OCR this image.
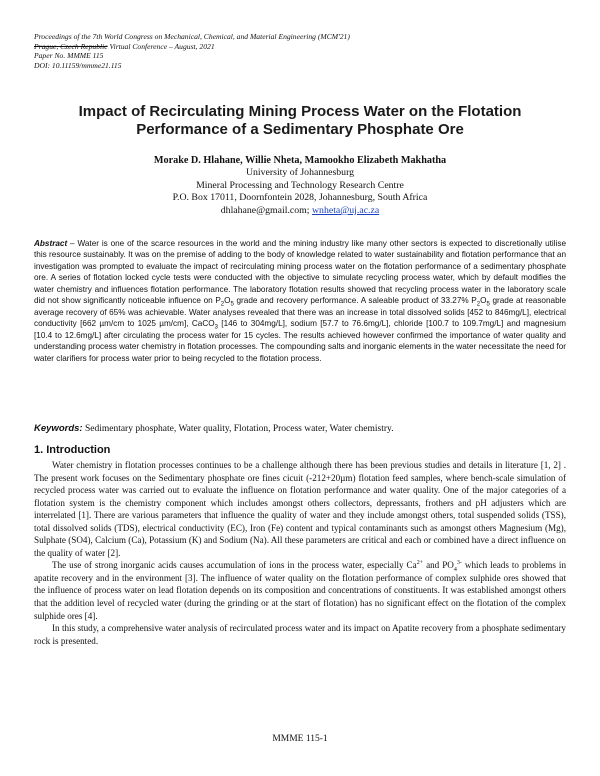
Proceedings of the 7th World Congress on Mechanical, Chemical, and Material Engineering (MCM'21)
Prague, Czech Republic Virtual Conference – August, 2021
Paper No. MMME 115
DOI: 10.11159/mmme21.115
Impact of Recirculating Mining Process Water on the Flotation
Performance of a Sedimentary Phosphate Ore
Morake D. Hlahane, Willie Nheta, Mamookho Elizabeth Makhatha
University of Johannesburg
Mineral Processing and Technology Research Centre
P.O. Box 17011, Doornfontein 2028, Johannesburg, South Africa
dhlahane@gmail.com; wnheta@uj.ac.za
Abstract – Water is one of the scarce resources in the world and the mining industry like many other sectors is expected to discretionally utilise this resource sustainably. It was on the premise of adding to the body of knowledge related to water sustainability and flotation performance that an investigation was prompted to evaluate the impact of recirculating mining process water on the flotation performance of a sedimentary phosphate ore. A series of flotation locked cycle tests were conducted with the objective to simulate recycling process water, which by default modifies the water chemistry and influences flotation performance. The laboratory flotation results showed that recycling process water in the laboratory scale did not show significantly noticeable influence on $P_2O_5$ grade and recovery performance. A saleable product of 33.27% $P_2O_5$ grade at reasonable average recovery of 65% was achievable. Water analyses revealed that there was an increase in total dissolved solids [452 to 846mg/L], electrical conductivity [662 µm/cm to 1025 µm/cm], CaCO$_3$ [146 to 304mg/L], sodium [57.7 to 76.6mg/L], chloride [100.7 to 109.7mg/L] and magnesium [10.4 to 12.6mg/L] after circulating the process water for 15 cycles. The results achieved however confirmed the importance of water quality and understanding process water chemistry in flotation processes. The compounding salts and inorganic elements in the water necessitate the need for water clarifiers for process water prior to being recycled to the flotation process.
Keywords: Sedimentary phosphate, Water quality, Flotation, Process water, Water chemistry.
1. Introduction

Water chemistry in flotation processes continues to be a challenge although there has been previous studies and details in literature [1, 2] . The present work focuses on the Sedimentary phosphate ore fines cicuit (-212+20µm) flotation feed samples, where bench-scale simulation of recycled process water was carried out to evaluate the influence on flotation performance and water quality. One of the major categories of a flotation system is the chemistry component which includes amongst others collectors, depressants, frothers and pH adjusters which are interrelated [1]. There are various parameters that influence the quality of water and they include amongst others, total suspended solids (TSS), total dissolved solids (TDS), electrical conductivity (EC), Iron (Fe) content and typical contaminants such as amongst others Magnesium (Mg), Sulphate (SO4), Calcium (Ca), Potassium (K) and Sodium (Na). All these parameters are critical and each or combined have a direct influence on the quality of water [2].

The use of strong inorganic acids causes accumulation of ions in the process water, especially $Ca^{2+}$ and $PO_4^{3-}$ which leads to problems in apatite recovery and in the environment [3]. The influence of water quality on the flotation performance of complex sulphide ores showed that the influence of process water on lead flotation depends on its composition and concentrations of constituents. It was established amongst others that the addition level of recycled water (during the grinding or at the start of flotation) has no significant effect on the flotation of the complex sulphide ores [4].

In this study, a comprehensive water analysis of recirculated process water and its impact on Apatite recovery from a phosphate sedimentary rock is presented.

MMME 115-1
